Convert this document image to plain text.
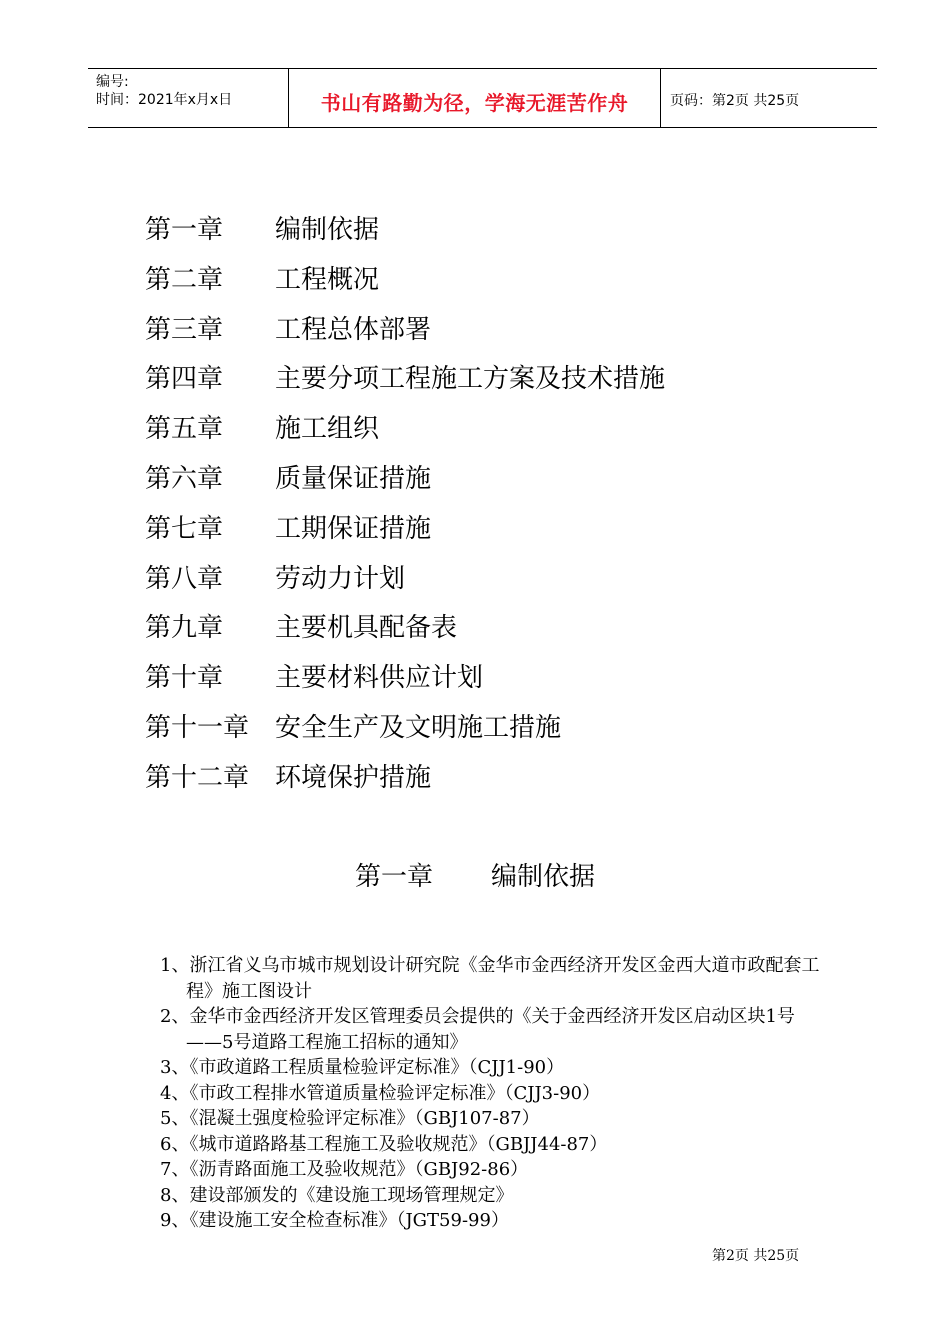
编号:
时间：2021年x月x日	书山有路勤为径，学海无涯苦作舟	页码：第2页 共25页
第一章 编制依据
第二章 工程概况
第三章 工程总体部署
第四章 主要分项工程施工方案及技术措施
第五章 施工组织
第六章 质量保证措施
第七章 工期保证措施
第八章 劳动力计划
第九章 主要机具配备表
第十章 主要材料供应计划
第十一章 安全生产及文明施工措施
第十二章 环境保护措施
第一章 编制依据
1、浙江省义乌市城市规划设计研究院《金华市金西经济开发区金西大道市政配套工程》施工图设计
2、金华市金西经济开发区管理委员会提供的《关于金西经济开发区启动区块1号——5号道路工程施工招标的通知》
3、《市政道路工程质量检验评定标准》（CJJ1-90）
4、《市政工程排水管道质量检验评定标准》（CJJ3-90）
5、《混凝土强度检验评定标准》（GBJ107-87）
6、《城市道路路基工程施工及验收规范》（GBJJ44-87）
7、《沥青路面施工及验收规范》（GBJ92-86）
8、建设部颁发的《建设施工现场管理规定》
9、《建设施工安全检查标准》（JGT59-99）
第2页 共25页
